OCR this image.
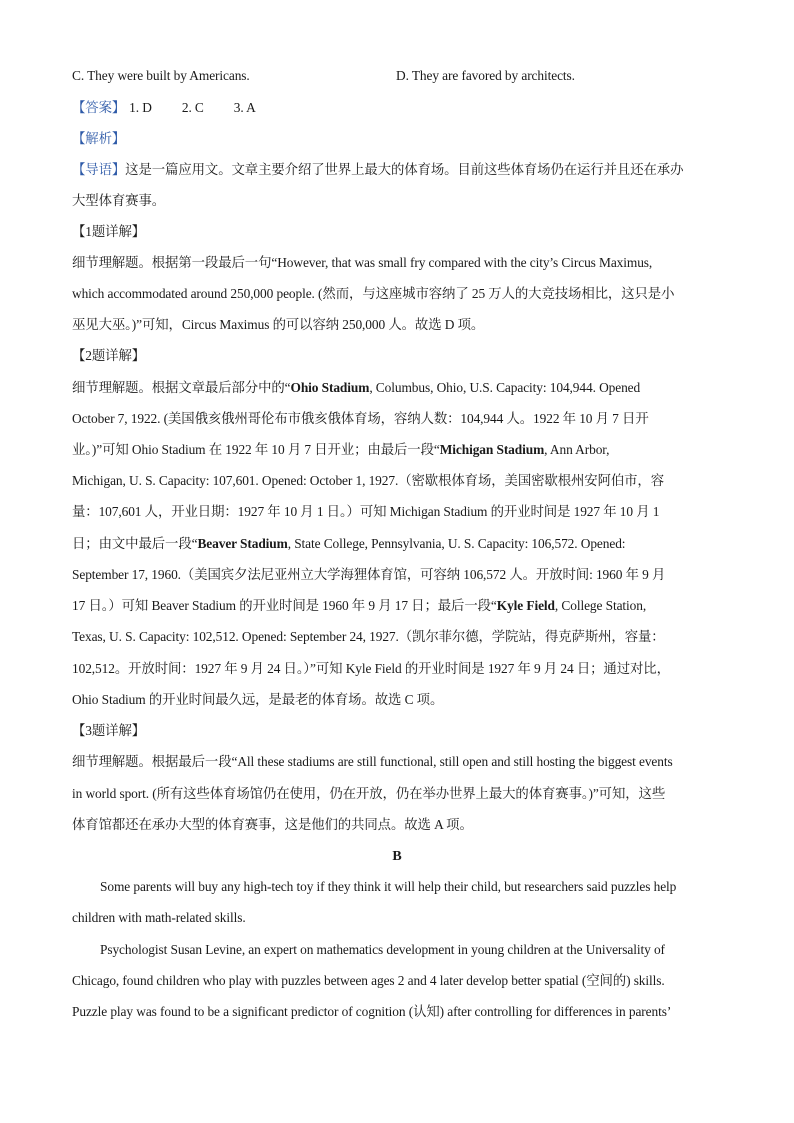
C. They were built by Americans.	D. They are favored by architects.
【答案】 1. D 2. C 3. A
【解析】
【导语】这是一篇应用文。文章主要介绍了世界上最大的体育场。目前这些体育场仍在运行并且还在承办
大型体育赛事。
【1题详解】
细节理解题。根据第一段最后一句“However, that was small fry compared with the city’s Circus Maximus,
which accommodated around 250,000 people. (然而，与这座城市容纳了 25 万人的大竞技场相比，这只是小
巫见大巫。)”可知，Circus Maximus 的可以容纳 250,000 人。故选 D 项。
【2题详解】
细节理解题。根据文章最后部分中的“Ohio Stadium, Columbus, Ohio, U.S. Capacity: 104,944. Opened
October 7, 1922. (美国俄亥俄州哥伦布市俄亥俄体育场，容纳人数：104,944 人。1922 年 10 月 7 日开
业。)”可知 Ohio Stadium 在 1922 年 10 月 7 日开业；由最后一段“Michigan Stadium, Ann Arbor,
Michigan, U. S. Capacity: 107,601. Opened: October 1, 1927.（密歇根体育场，美国密歇根州安阿伯市，容
量：107,601 人，开业日期：1927 年 10 月 1 日。）可知 Michigan Stadium 的开业时间是 1927 年 10 月 1
日；由文中最后一段“Beaver Stadium, State College, Pennsylvania, U. S. Capacity: 106,572. Opened:
September 17, 1960.（美国宾夕法尼亚州立大学海狸体育馆，可容纳 106,572 人。开放时间: 1960 年 9 月
17 日。）可知 Beaver Stadium 的开业时间是 1960 年 9 月 17 日；最后一段“Kyle Field, College Station,
Texas, U. S. Capacity: 102,512. Opened: September 24, 1927.（凯尔菲尔德，学院站，得克萨斯州，容量：
102,512。开放时间：1927 年 9 月 24 日。）”可知 Kyle Field 的开业时间是 1927 年 9 月 24 日；通过对比，
Ohio Stadium 的开业时间最久远，是最老的体育场。故选 C 项。
【3题详解】
细节理解题。根据最后一段“All these stadiums are still functional, still open and still hosting the biggest events
in world sport. (所有这些体育场馆仍在使用，仍在开放，仍在举办世界上最大的体育赛事。)”可知，这些
体育馆都还在承办大型的体育赛事，这是他们的共同点。故选 A 项。
B
Some parents will buy any high-tech toy if they think it will help their child, but researchers said puzzles help
children with math-related skills.
Psychologist Susan Levine, an expert on mathematics development in young children at the Universality of
Chicago, found children who play with puzzles between ages 2 and 4 later develop better spatial (空间的) skills.
Puzzle play was found to be a significant predictor of cognition (认知) after controlling for differences in parents’
